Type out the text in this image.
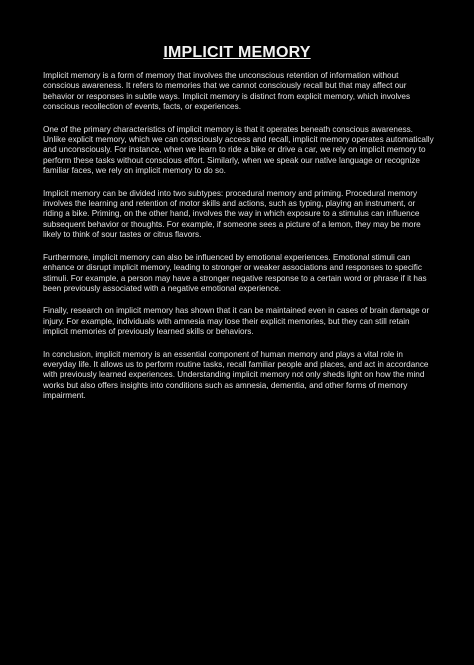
IMPLICIT MEMORY

Implicit memory is a form of memory that involves the unconscious retention of information without conscious awareness. It refers to memories that we cannot consciously recall but that may affect our behavior or responses in subtle ways. Implicit memory is distinct from explicit memory, which involves conscious recollection of events, facts, or experiences.

One of the primary characteristics of implicit memory is that it operates beneath conscious awareness. Unlike explicit memory, which we can consciously access and recall, implicit memory operates automatically and unconsciously. For instance, when we learn to ride a bike or drive a car, we rely on implicit memory to perform these tasks without conscious effort. Similarly, when we speak our native language or recognize familiar faces, we rely on implicit memory to do so.

Implicit memory can be divided into two subtypes: procedural memory and priming. Procedural memory involves the learning and retention of motor skills and actions, such as typing, playing an instrument, or riding a bike. Priming, on the other hand, involves the way in which exposure to a stimulus can influence subsequent behavior or thoughts. For example, if someone sees a picture of a lemon, they may be more likely to think of sour tastes or citrus flavors.

Furthermore, implicit memory can also be influenced by emotional experiences. Emotional stimuli can enhance or disrupt implicit memory, leading to stronger or weaker associations and responses to specific stimuli. For example, a person may have a stronger negative response to a certain word or phrase if it has been previously associated with a negative emotional experience.

Finally, research on implicit memory has shown that it can be maintained even in cases of brain damage or injury. For example, individuals with amnesia may lose their explicit memories, but they can still retain implicit memories of previously learned skills or behaviors.

In conclusion, implicit memory is an essential component of human memory and plays a vital role in everyday life. It allows us to perform routine tasks, recall familiar people and places, and act in accordance with previously learned experiences. Understanding implicit memory not only sheds light on how the mind works but also offers insights into conditions such as amnesia, dementia, and other forms of memory impairment.
